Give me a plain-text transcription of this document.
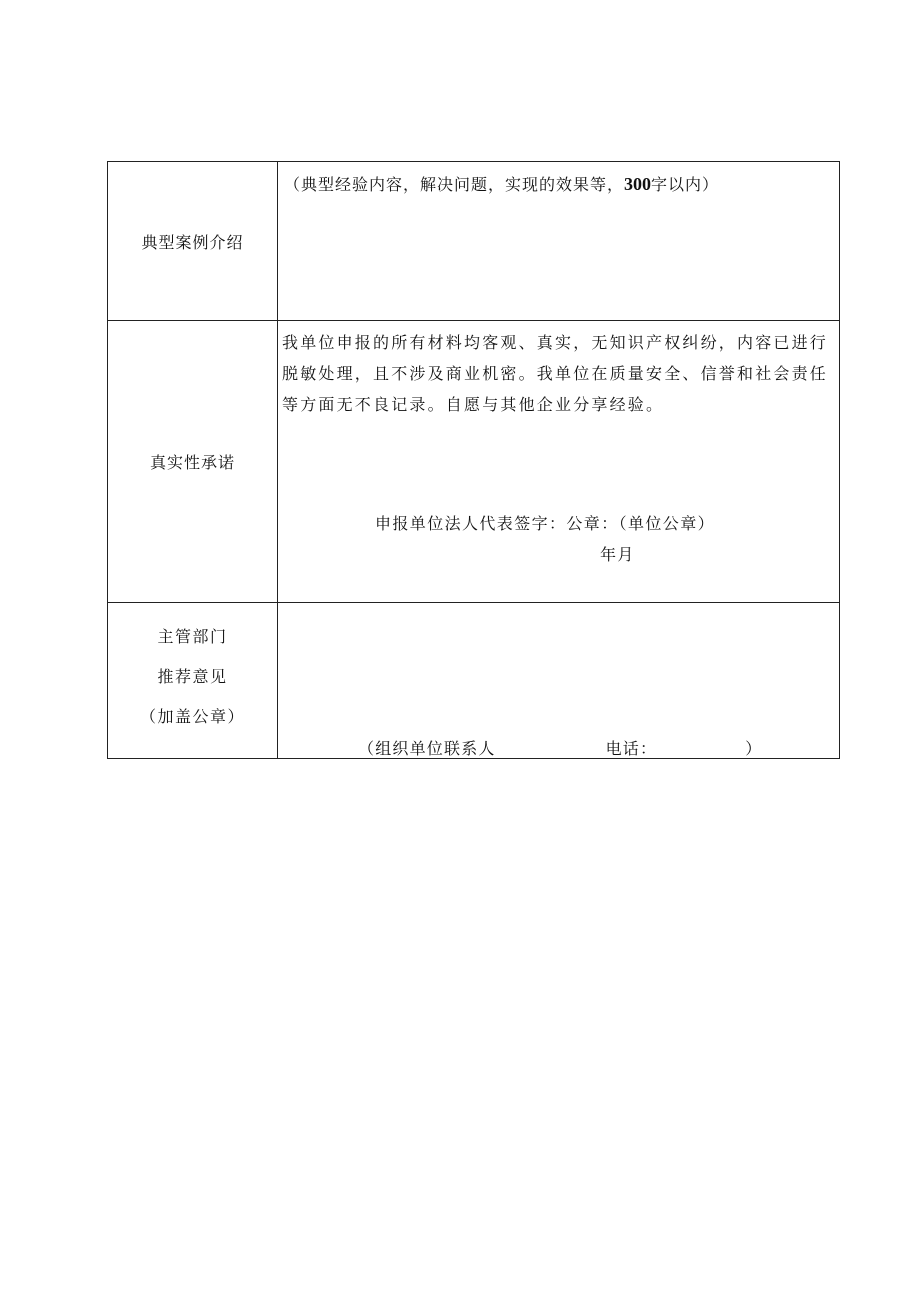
典型案例介绍	（典型经验内容，解决问题，实现的效果等，300字以内）

真实性承诺	我单位申报的所有材料均客观、真实，无知识产权纠纷，内容已进行
脱敏处理，且不涉及商业机密。我单位在质量安全、信誉和社会责任
等方面无不良记录。自愿与其他企业分享经验。
申报单位法人代表签字：公章：（单位公章）
年月

主管部门
推荐意见
（加盖公章）	（组织单位联系人 电话： ）
